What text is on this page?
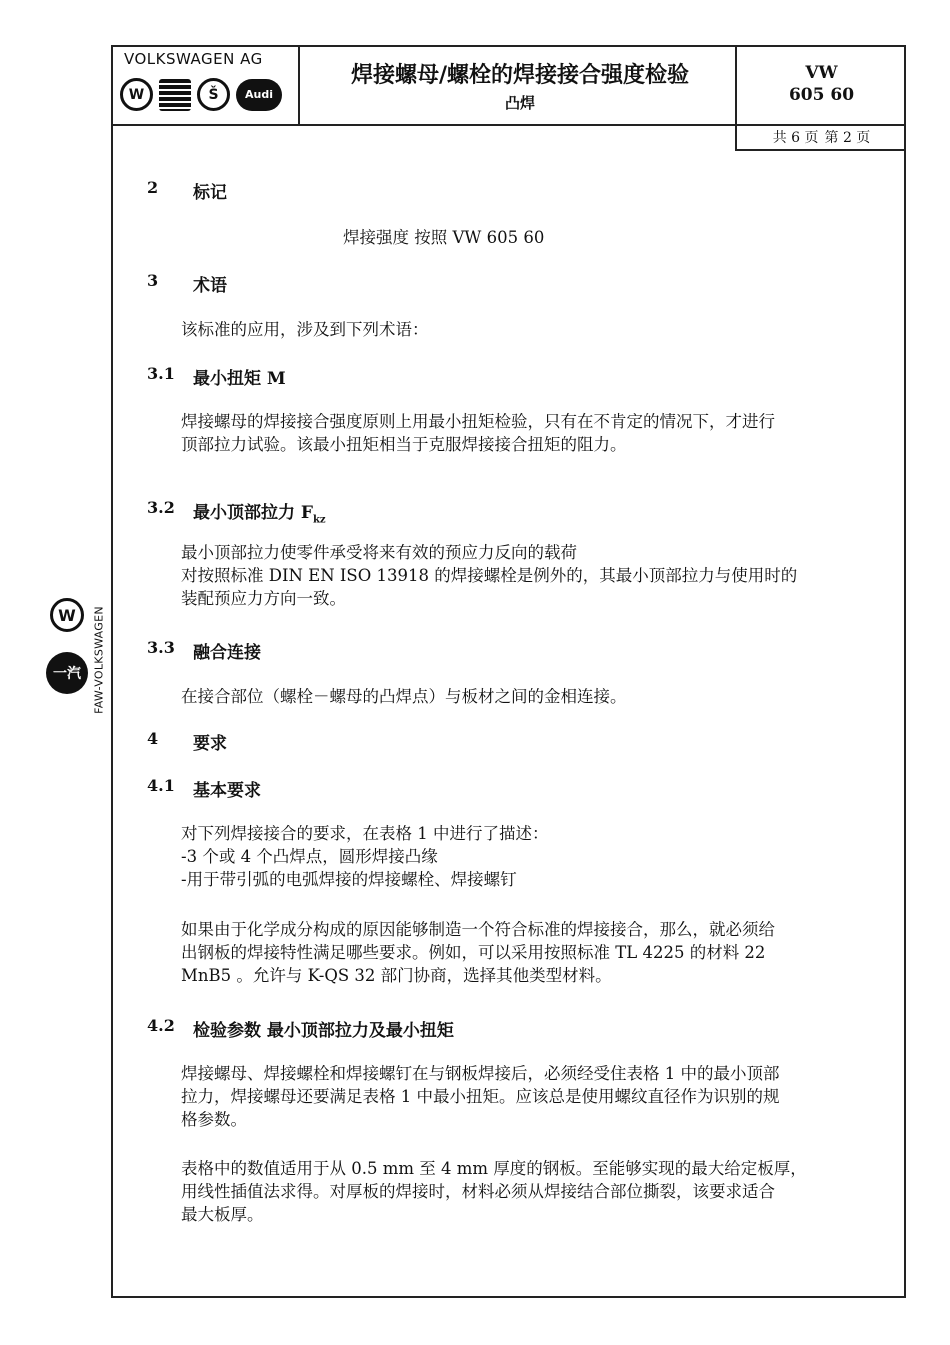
VOLKSWAGEN AG
W	Š	Audi
焊接螺母/螺栓的焊接接合强度检验
凸焊
VW
605 60
共 6 页 第 2 页
W
一汽	FAW-VOLKSWAGEN
2 标记
焊接强度 按照 VW 605 60
3 术语
该标准的应用，涉及到下列术语：
3.1 最小扭矩 M
焊接螺母的焊接接合强度原则上用最小扭矩检验，只有在不肯定的情况下，才进行
顶部拉力试验。该最小扭矩相当于克服焊接接合扭矩的阻力。
3.2 最小顶部拉力 $F_{kz}$
最小顶部拉力使零件承受将来有效的预应力反向的载荷
对按照标准 DIN EN ISO 13918 的焊接螺栓是例外的，其最小顶部拉力与使用时的
装配预应力方向一致。
3.3 融合连接
在接合部位（螺栓－螺母的凸焊点）与板材之间的金相连接。
4 要求
4.1 基本要求
对下列焊接接合的要求，在表格 1 中进行了描述：
-3 个或 4 个凸焊点，圆形焊接凸缘
-用于带引弧的电弧焊接的焊接螺栓、焊接螺钉
如果由于化学成分构成的原因能够制造一个符合标准的焊接接合，那么，就必须给
出钢板的焊接特性满足哪些要求。例如，可以采用按照标准 TL 4225 的材料 22
MnB5 。允许与 K-QS 32 部门协商，选择其他类型材料。
4.2 检验参数 最小顶部拉力及最小扭矩
焊接螺母、焊接螺栓和焊接螺钉在与钢板焊接后，必须经受住表格 1 中的最小顶部
拉力，焊接螺母还要满足表格 1 中最小扭矩。应该总是使用螺纹直径作为识别的规
格参数。
表格中的数值适用于从 0.5 mm 至 4 mm 厚度的钢板。至能够实现的最大给定板厚，
用线性插值法求得。对厚板的焊接时，材料必须从焊接结合部位撕裂，该要求适合
最大板厚。
